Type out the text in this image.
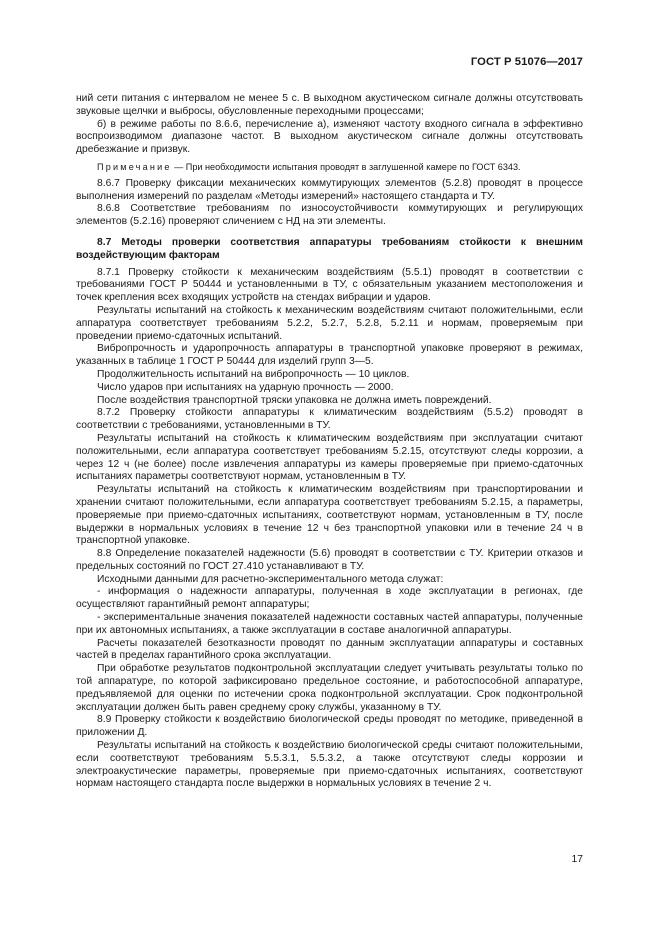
ГОСТ Р 51076—2017

ний сети питания с интервалом не менее 5 с. В выходном акустическом сигнале должны отсутствовать звуковые щелчки и выбросы, обусловленные переходными процессами;

б) в режиме работы по 8.6.6, перечисление а), изменяют частоту входного сигнала в эффективно воспроизводимом диапазоне частот. В выходном акустическом сигнале должны отсутствовать дребезжание и призвук.

Примечание — При необходимости испытания проводят в заглушенной камере по ГОСТ 6343.

8.6.7 Проверку фиксации механических коммутирующих элементов (5.2.8) проводят в процессе выполнения измерений по разделам «Методы измерений» настоящего стандарта и ТУ.

8.6.8 Соответствие требованиям по износоустойчивости коммутирующих и регулирующих элементов (5.2.16) проверяют сличением с НД на эти элементы.

8.7 Методы проверки соответствия аппаратуры требованиям стойкости к внешним воздействующим факторам

8.7.1 Проверку стойкости к механическим воздействиям (5.5.1) проводят в соответствии с требованиями ГОСТ Р 50444 и установленными в ТУ, с обязательным указанием местоположения и точек крепления всех входящих устройств на стендах вибрации и ударов.

Результаты испытаний на стойкость к механическим воздействиям считают положительными, если аппаратура соответствует требованиям 5.2.2, 5.2.7, 5.2.8, 5.2.11 и нормам, проверяемым при проведении приемо-сдаточных испытаний.

Вибропрочность и ударопрочность аппаратуры в транспортной упаковке проверяют в режимах, указанных в таблице 1 ГОСТ Р 50444 для изделий групп 3—5.

Продолжительность испытаний на вибропрочность — 10 циклов.

Число ударов при испытаниях на ударную прочность — 2000.

После воздействия транспортной тряски упаковка не должна иметь повреждений.

8.7.2 Проверку стойкости аппаратуры к климатическим воздействиям (5.5.2) проводят в соответствии с требованиями, установленными в ТУ.

Результаты испытаний на стойкость к климатическим воздействиям при эксплуатации считают положительными, если аппаратура соответствует требованиям 5.2.15, отсутствуют следы коррозии, а через 12 ч (не более) после извлечения аппаратуры из камеры проверяемые при приемо-сдаточных испытаниях параметры соответствуют нормам, установленным в ТУ.

Результаты испытаний на стойкость к климатическим воздействиям при транспортировании и хранении считают положительными, если аппаратура соответствует требованиям 5.2.15, а параметры, проверяемые при приемо-сдаточных испытаниях, соответствуют нормам, установленным в ТУ, после выдержки в нормальных условиях в течение 12 ч без транспортной упаковки или в течение 24 ч в транспортной упаковке.

8.8 Определение показателей надежности (5.6) проводят в соответствии с ТУ. Критерии отказов и предельных состояний по ГОСТ 27.410 устанавливают в ТУ.

Исходными данными для расчетно-экспериментального метода служат:

- информация о надежности аппаратуры, полученная в ходе эксплуатации в регионах, где осуществляют гарантийный ремонт аппаратуры;

- экспериментальные значения показателей надежности составных частей аппаратуры, полученные при их автономных испытаниях, а также эксплуатации в составе аналогичной аппаратуры.

Расчеты показателей безотказности проводят по данным эксплуатации аппаратуры и составных частей в пределах гарантийного срока эксплуатации.

При обработке результатов подконтрольной эксплуатации следует учитывать результаты только по той аппаратуре, по которой зафиксировано предельное состояние, и работоспособной аппаратуре, предъявляемой для оценки по истечении срока подконтрольной эксплуатации. Срок подконтрольной эксплуатации должен быть равен среднему сроку службы, указанному в ТУ.

8.9 Проверку стойкости к воздействию биологической среды проводят по методике, приведенной в приложении Д.

Результаты испытаний на стойкость к воздействию биологической среды считают положительными, если соответствуют требованиям 5.5.3.1, 5.5.3.2, а также отсутствуют следы коррозии и электроакустические параметры, проверяемые при приемо-сдаточных испытаниях, соответствуют нормам настоящего стандарта после выдержки в нормальных условиях в течение 2 ч.

17
